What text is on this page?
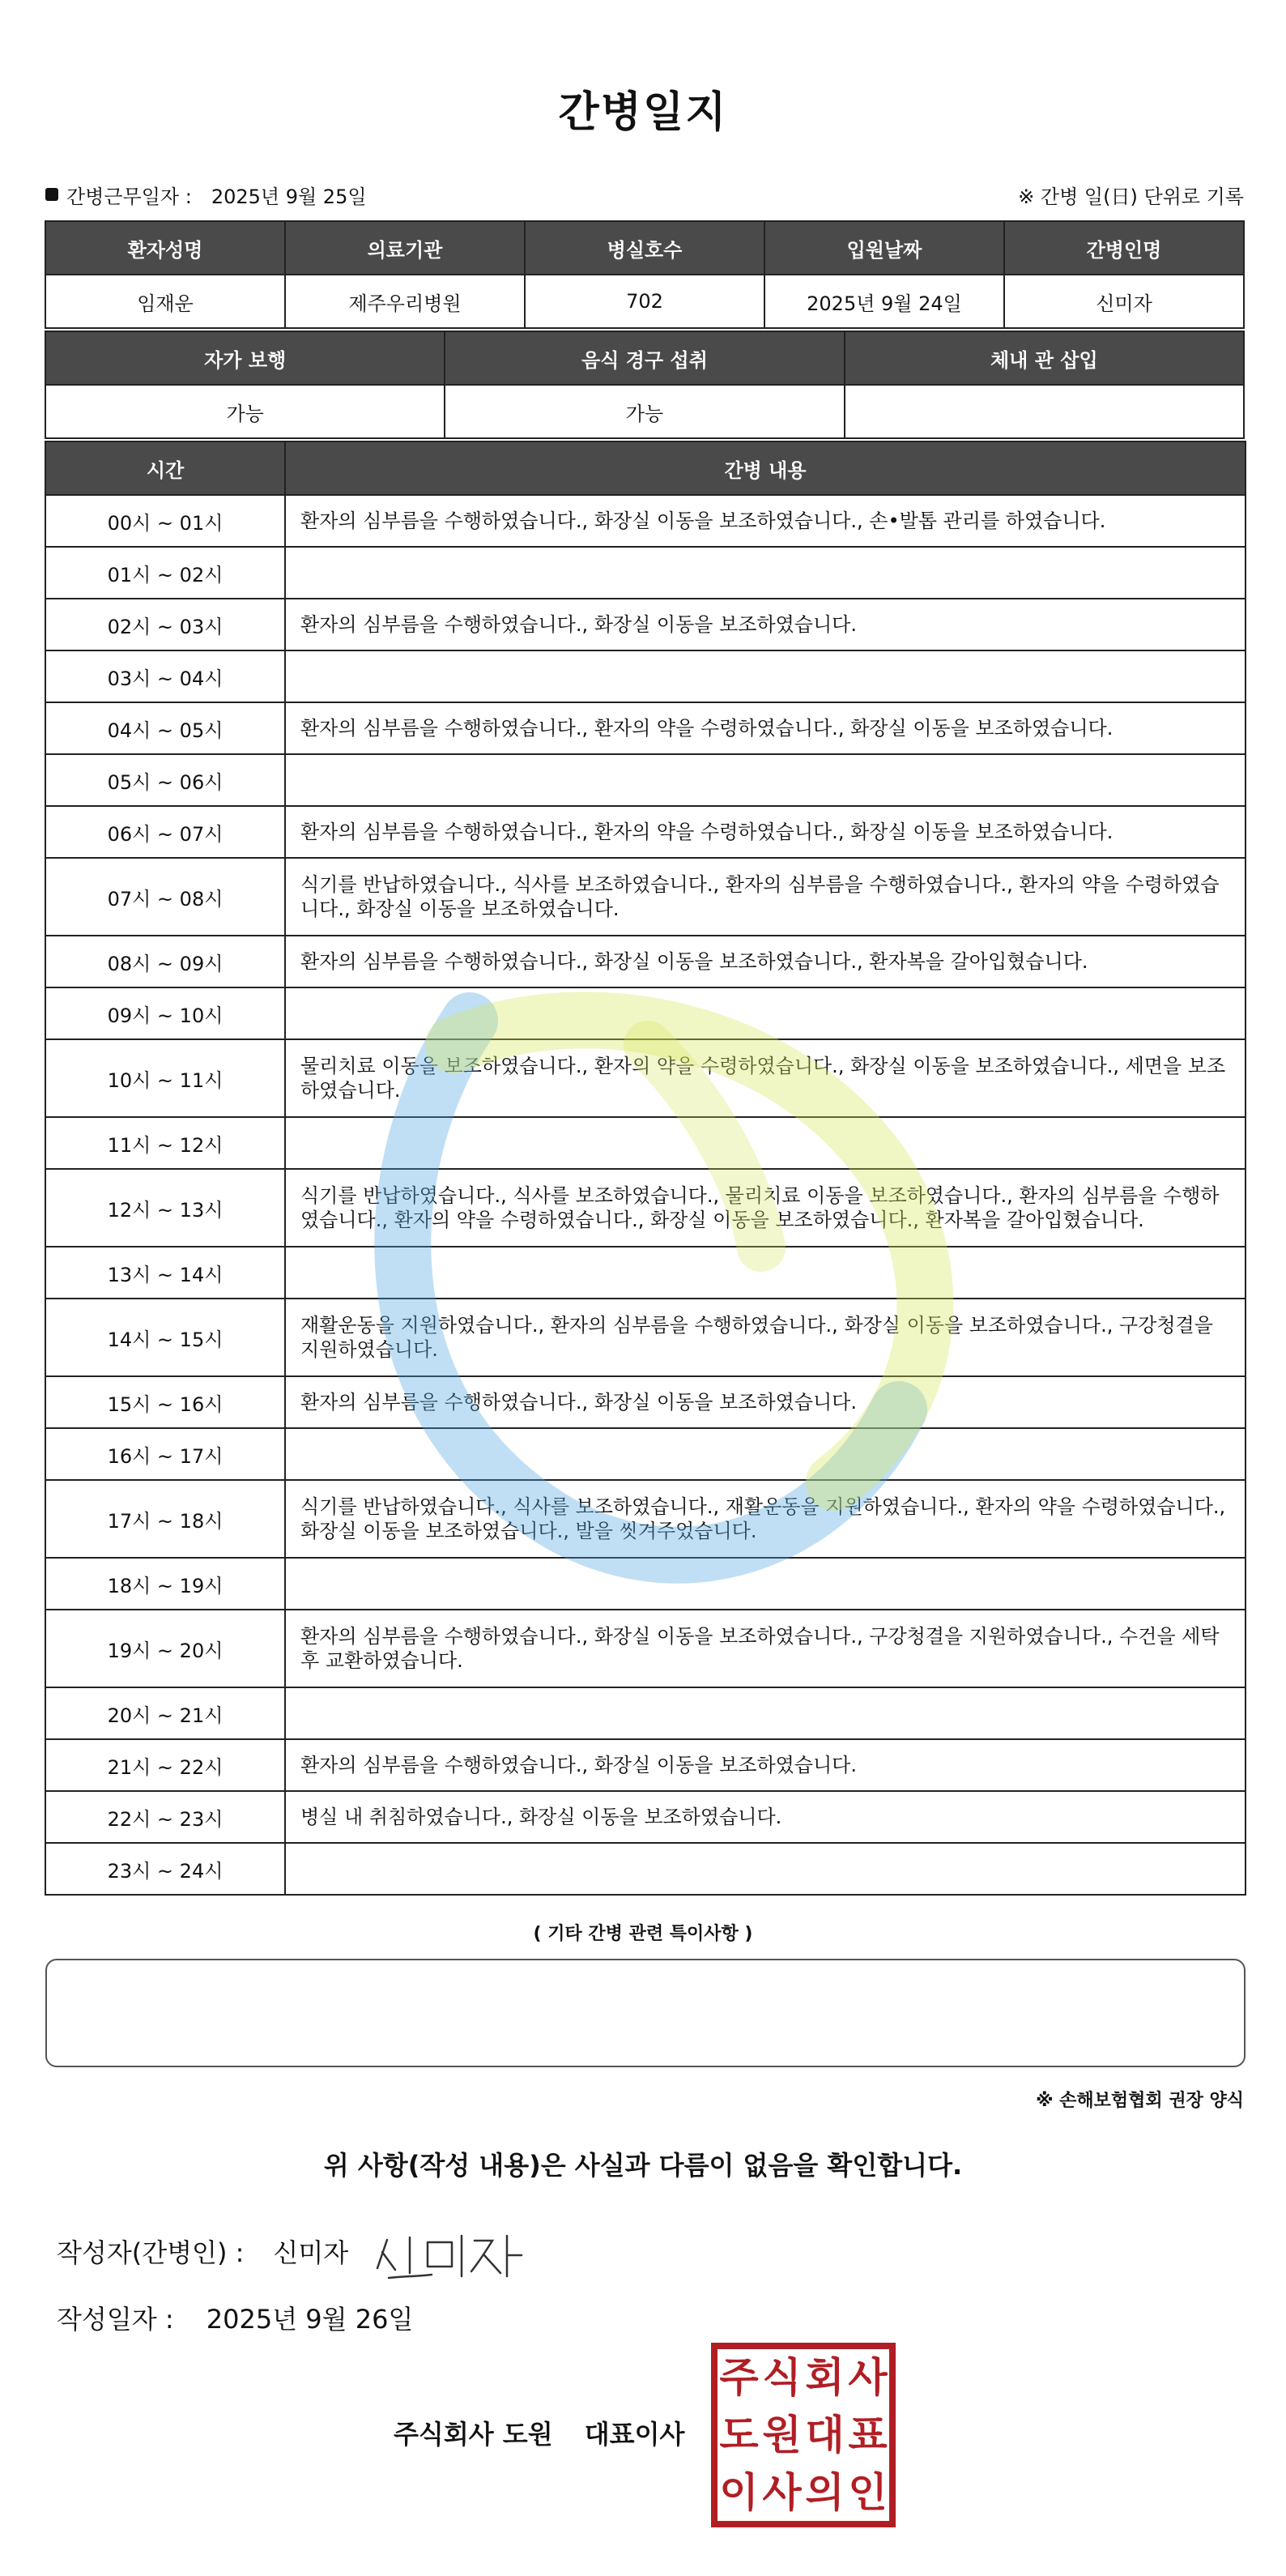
간병일지
간병근무일자 : 2025년 9월 25일	※ 간병 일(日) 단위로 기록
환자성명	의료기관	병실호수	입원날짜	간병인명
임재운	제주우리병원	702	2025년 9월 24일	신미자
자가 보행	음식 경구 섭취	체내 관 삽입
가능	가능	
시간	간병 내용
00시 ~ 01시	환자의 심부름을 수행하였습니다., 화장실 이동을 보조하였습니다., 손•발톱 관리를 하였습니다.
01시 ~ 02시	
02시 ~ 03시	환자의 심부름을 수행하였습니다., 화장실 이동을 보조하였습니다.
03시 ~ 04시	
04시 ~ 05시	환자의 심부름을 수행하였습니다., 환자의 약을 수령하였습니다., 화장실 이동을 보조하였습니다.
05시 ~ 06시	
06시 ~ 07시	환자의 심부름을 수행하였습니다., 환자의 약을 수령하였습니다., 화장실 이동을 보조하였습니다.
07시 ~ 08시	식기를 반납하였습니다., 식사를 보조하였습니다., 환자의 심부름을 수행하였습니다., 환자의 약을 수령하였습니다., 화장실 이동을 보조하였습니다.
08시 ~ 09시	환자의 심부름을 수행하였습니다., 화장실 이동을 보조하였습니다., 환자복을 갈아입혔습니다.
09시 ~ 10시	
10시 ~ 11시	물리치료 이동을 보조하였습니다., 환자의 약을 수령하였습니다., 화장실 이동을 보조하였습니다., 세면을 보조하였습니다.
11시 ~ 12시	
12시 ~ 13시	식기를 반납하였습니다., 식사를 보조하였습니다., 물리치료 이동을 보조하였습니다., 환자의 심부름을 수행하였습니다., 환자의 약을 수령하였습니다., 화장실 이동을 보조하였습니다., 환자복을 갈아입혔습니다.
13시 ~ 14시	
14시 ~ 15시	재활운동을 지원하였습니다., 환자의 심부름을 수행하였습니다., 화장실 이동을 보조하였습니다., 구강청결을 지원하였습니다.
15시 ~ 16시	환자의 심부름을 수행하였습니다., 화장실 이동을 보조하였습니다.
16시 ~ 17시	
17시 ~ 18시	식기를 반납하였습니다., 식사를 보조하였습니다., 재활운동을 지원하였습니다., 환자의 약을 수령하였습니다., 화장실 이동을 보조하였습니다., 발을 씻겨주었습니다.
18시 ~ 19시	
19시 ~ 20시	환자의 심부름을 수행하였습니다., 화장실 이동을 보조하였습니다., 구강청결을 지원하였습니다., 수건을 세탁 후 교환하였습니다.
20시 ~ 21시	
21시 ~ 22시	환자의 심부름을 수행하였습니다., 화장실 이동을 보조하였습니다.
22시 ~ 23시	병실 내 취침하였습니다., 화장실 이동을 보조하였습니다.
23시 ~ 24시	
( 기타 간병 관련 특이사항 )
※ 손해보험협회 권장 양식
위 사항(작성 내용)은 사실과 다름이 없음을 확인합니다.
작성자(간병인) : 신미자
작성일자 : 2025년 9월 26일
주식회사 도원 대표이사
주 식 회 사
도 원 대 표
이 사 의 인
